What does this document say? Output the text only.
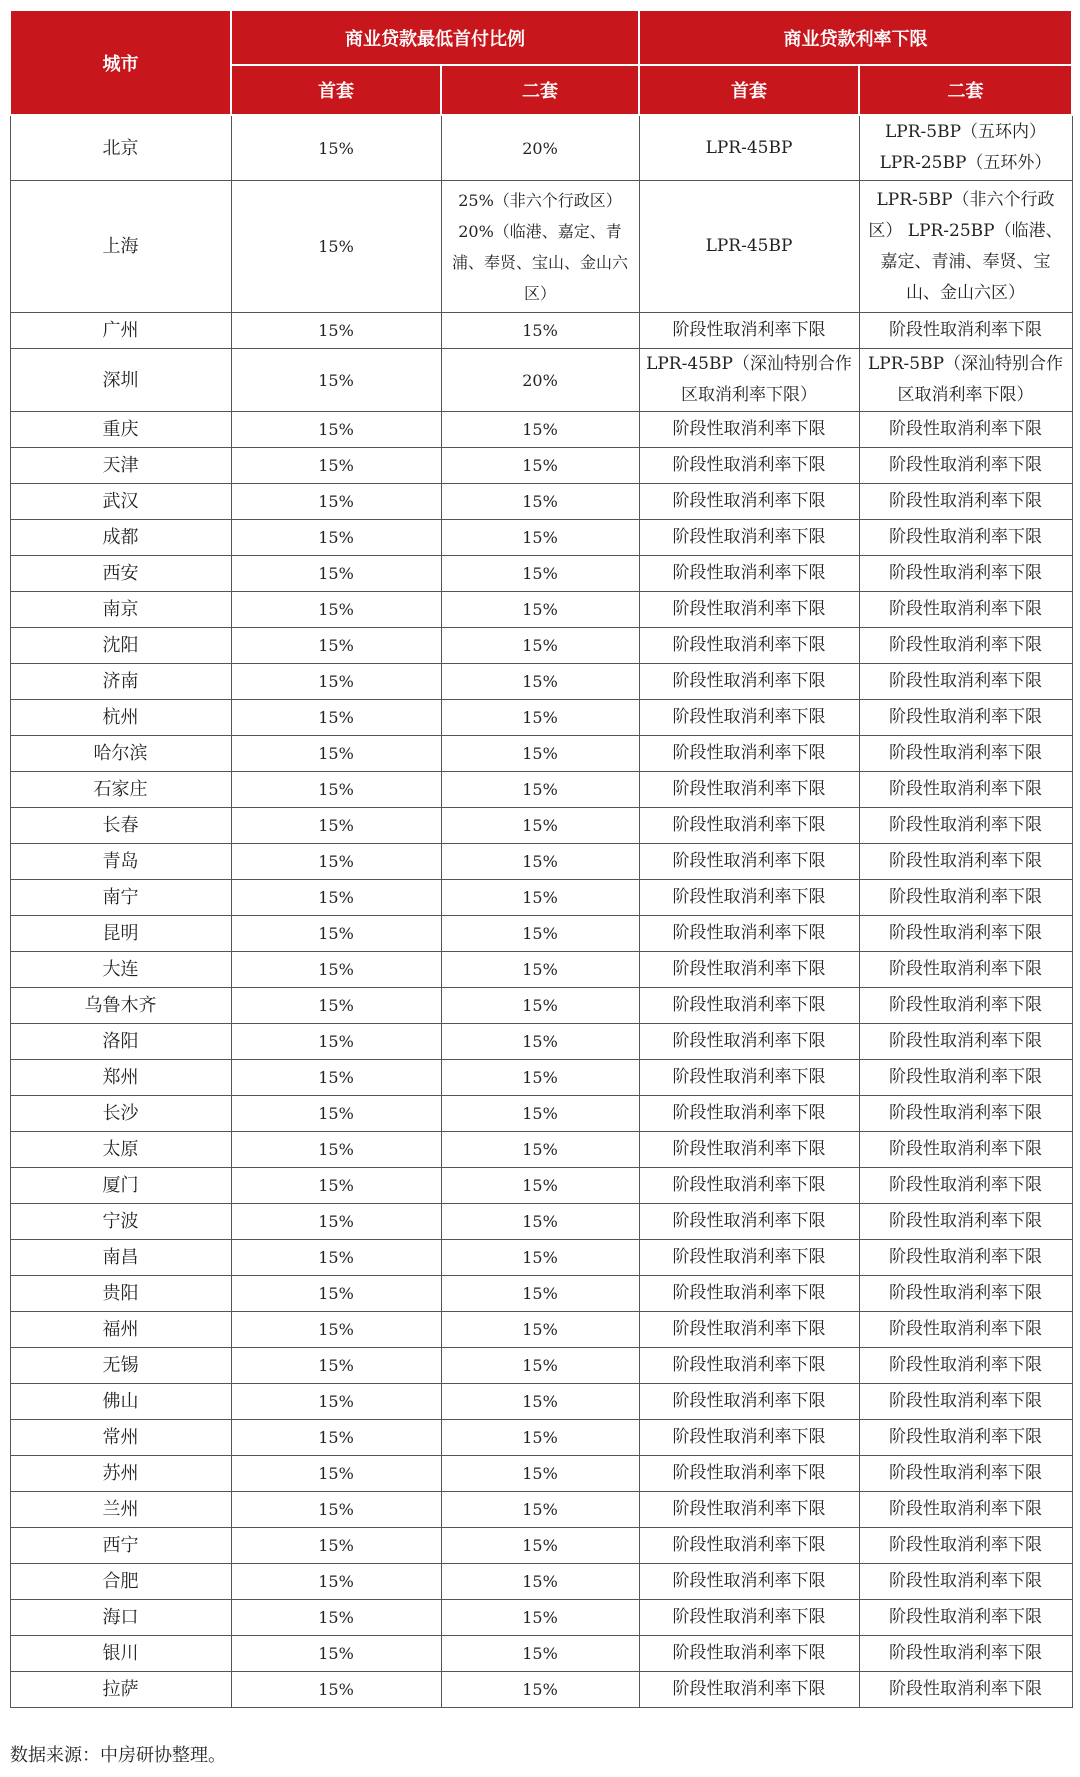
城市	商业贷款最低首付比例		商业贷款利率下限	
	首套	二套	首套	二套
北京	15%	20%	LPR-45BP	LPR-5BP（五环内） LPR-25BP（五环外）
上海	15%	25%（非六个行政区） 20%（临港、嘉定、青浦、奉贤、宝山、金山六区）	LPR-45BP	LPR-5BP（非六个行政区） LPR-25BP（临港、嘉定、青浦、奉贤、宝山、金山六区）
广州	15%	15%	阶段性取消利率下限	阶段性取消利率下限
深圳	15%	20%	LPR-45BP（深汕特别合作区取消利率下限）	LPR-5BP（深汕特别合作区取消利率下限）
重庆	15%	15%	阶段性取消利率下限	阶段性取消利率下限
天津	15%	15%	阶段性取消利率下限	阶段性取消利率下限
武汉	15%	15%	阶段性取消利率下限	阶段性取消利率下限
成都	15%	15%	阶段性取消利率下限	阶段性取消利率下限
西安	15%	15%	阶段性取消利率下限	阶段性取消利率下限
南京	15%	15%	阶段性取消利率下限	阶段性取消利率下限
沈阳	15%	15%	阶段性取消利率下限	阶段性取消利率下限
济南	15%	15%	阶段性取消利率下限	阶段性取消利率下限
杭州	15%	15%	阶段性取消利率下限	阶段性取消利率下限
哈尔滨	15%	15%	阶段性取消利率下限	阶段性取消利率下限
石家庄	15%	15%	阶段性取消利率下限	阶段性取消利率下限
长春	15%	15%	阶段性取消利率下限	阶段性取消利率下限
青岛	15%	15%	阶段性取消利率下限	阶段性取消利率下限
南宁	15%	15%	阶段性取消利率下限	阶段性取消利率下限
昆明	15%	15%	阶段性取消利率下限	阶段性取消利率下限
大连	15%	15%	阶段性取消利率下限	阶段性取消利率下限
乌鲁木齐	15%	15%	阶段性取消利率下限	阶段性取消利率下限
洛阳	15%	15%	阶段性取消利率下限	阶段性取消利率下限
郑州	15%	15%	阶段性取消利率下限	阶段性取消利率下限
长沙	15%	15%	阶段性取消利率下限	阶段性取消利率下限
太原	15%	15%	阶段性取消利率下限	阶段性取消利率下限
厦门	15%	15%	阶段性取消利率下限	阶段性取消利率下限
宁波	15%	15%	阶段性取消利率下限	阶段性取消利率下限
南昌	15%	15%	阶段性取消利率下限	阶段性取消利率下限
贵阳	15%	15%	阶段性取消利率下限	阶段性取消利率下限
福州	15%	15%	阶段性取消利率下限	阶段性取消利率下限
无锡	15%	15%	阶段性取消利率下限	阶段性取消利率下限
佛山	15%	15%	阶段性取消利率下限	阶段性取消利率下限
常州	15%	15%	阶段性取消利率下限	阶段性取消利率下限
苏州	15%	15%	阶段性取消利率下限	阶段性取消利率下限
兰州	15%	15%	阶段性取消利率下限	阶段性取消利率下限
西宁	15%	15%	阶段性取消利率下限	阶段性取消利率下限
合肥	15%	15%	阶段性取消利率下限	阶段性取消利率下限
海口	15%	15%	阶段性取消利率下限	阶段性取消利率下限
银川	15%	15%	阶段性取消利率下限	阶段性取消利率下限
拉萨	15%	15%	阶段性取消利率下限	阶段性取消利率下限
数据来源：中房研协整理。
